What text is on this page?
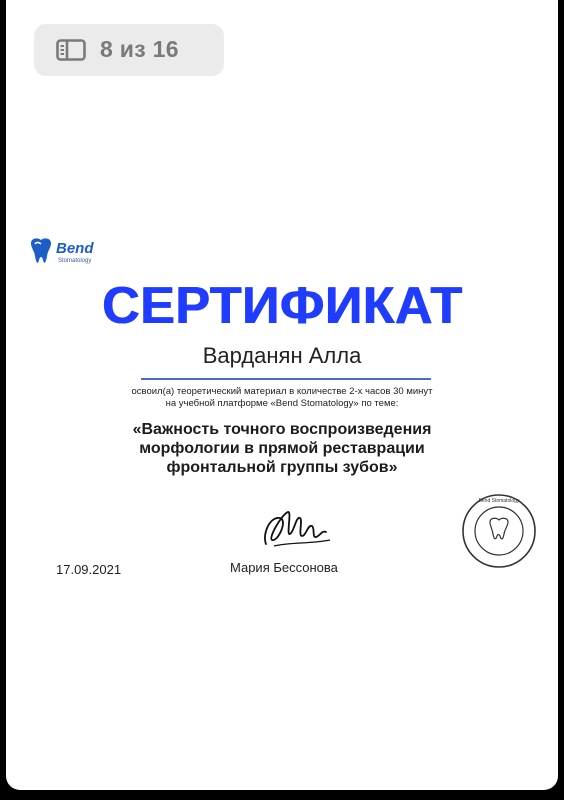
8 из 16
Bend
Stomatology
СЕРТИФИКАТ
Варданян Алла
освоил(а) теоретический материал в количестве 2-х часов 30 минут
на учебной платформе «Bend Stomatology» по теме:
«Важность точного воспроизведения
морфологии в прямой реставрации
фронтальной группы зубов»
Bend Stomatology
17.09.2021	Мария Бессонова
